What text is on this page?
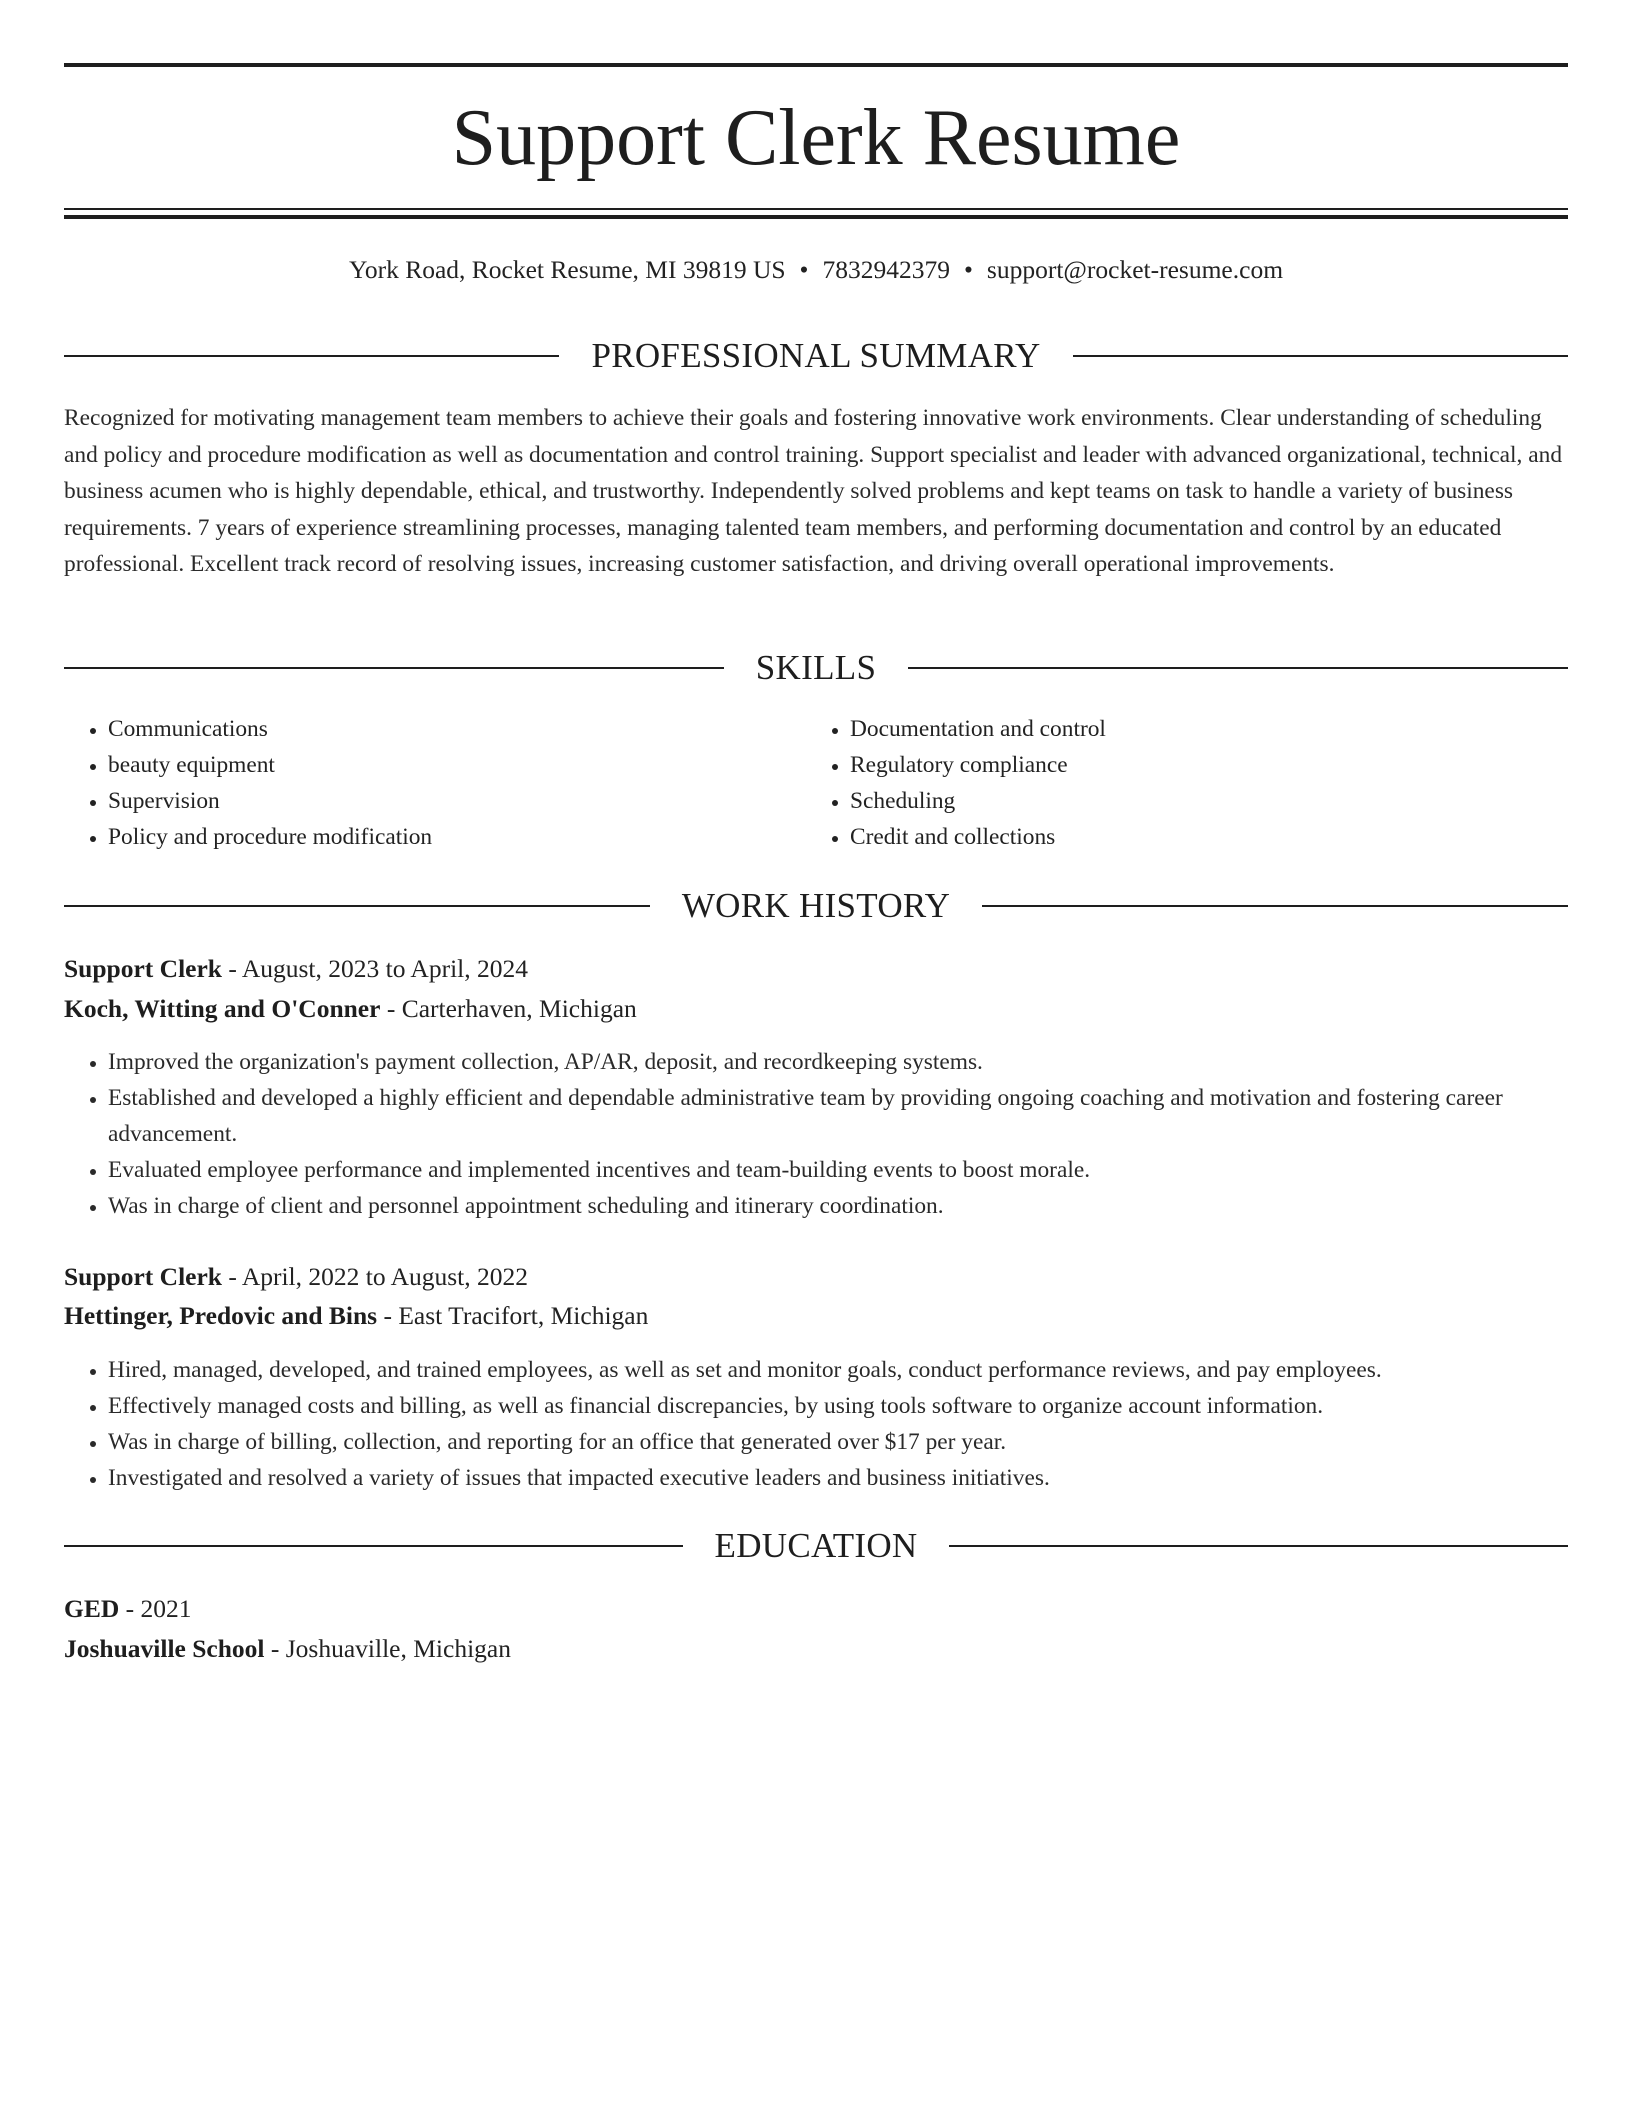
Support Clerk Resume
York Road, Rocket Resume, MI 39819 US • 7832942379 • support@rocket-resume.com
PROFESSIONAL SUMMARY

Recognized for motivating management team members to achieve their goals and fostering innovative work environments. Clear understanding of scheduling and policy and procedure modification as well as documentation and control training. Support specialist and leader with advanced organizational, technical, and business acumen who is highly dependable, ethical, and trustworthy. Independently solved problems and kept teams on task to handle a variety of business requirements. 7 years of experience streamlining processes, managing talented team members, and performing documentation and control by an educated professional. Excellent track record of resolving issues, increasing customer satisfaction, and driving overall operational improvements.

SKILLS
• Communications
• beauty equipment
• Supervision
• Policy and procedure modification
• Documentation and control
• Regulatory compliance
• Scheduling
• Credit and collections
WORK HISTORY
Support Clerk - August, 2023 to April, 2024
Koch, Witting and O'Conner - Carterhaven, Michigan
• Improved the organization's payment collection, AP/AR, deposit, and recordkeeping systems.
• Established and developed a highly efficient and dependable administrative team by providing ongoing coaching and motivation and fostering career advancement.
• Evaluated employee performance and implemented incentives and team-building events to boost morale.
• Was in charge of client and personnel appointment scheduling and itinerary coordination.
Support Clerk - April, 2022 to August, 2022
Hettinger, Predovic and Bins - East Tracifort, Michigan
• Hired, managed, developed, and trained employees, as well as set and monitor goals, conduct performance reviews, and pay employees.
• Effectively managed costs and billing, as well as financial discrepancies, by using tools software to organize account information.
• Was in charge of billing, collection, and reporting for an office that generated over $17 per year.
• Investigated and resolved a variety of issues that impacted executive leaders and business initiatives.
EDUCATION
GED - 2021
Joshuaville School - Joshuaville, Michigan
